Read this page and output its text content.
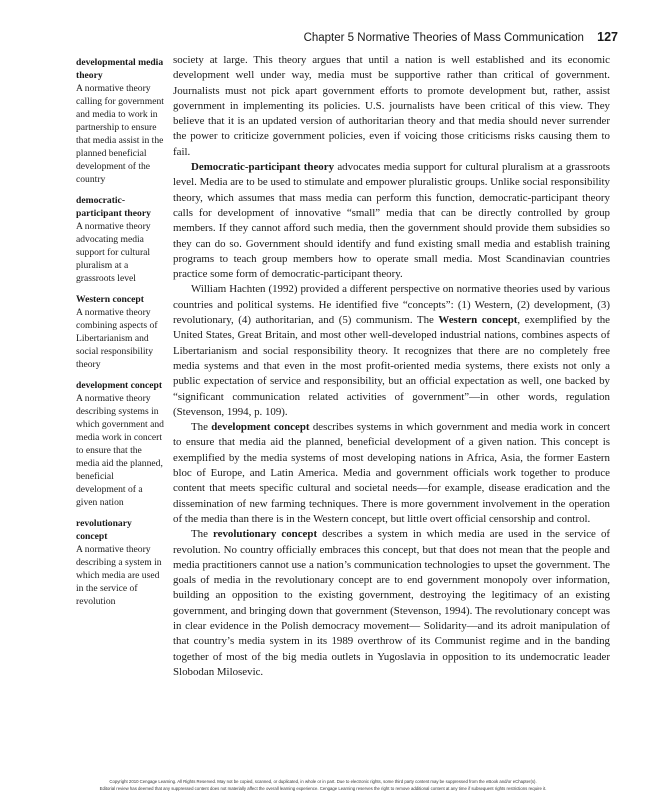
Chapter 5 Normative Theories of Mass Communication 127
developmental media theory
A normative theory calling for government and media to work in partnership to ensure that media assist in the planned beneficial development of the country
democratic-participant theory
A normative theory advocating media support for cultural pluralism at a grassroots level
Western concept
A normative theory combining aspects of Libertarianism and social responsibility theory
development concept
A normative theory describing systems in which government and media work in concert to ensure that the media aid the planned, beneficial development of a given nation
revolutionary concept
A normative theory describing a system in which media are used in the service of revolution

society at large. This theory argues that until a nation is well established and its economic development well under way, media must be supportive rather than critical of government. Journalists must not pick apart government efforts to promote development but, rather, assist government in implementing its policies. U.S. journalists have been critical of this view. They believe that it is an updated version of authoritarian theory and that media should never surrender the power to criticize government policies, even if voicing those criticisms risks causing them to fail.

Democratic-participant theory advocates media support for cultural pluralism at a grassroots level. Media are to be used to stimulate and empower pluralistic groups. Unlike social responsibility theory, which assumes that mass media can perform this function, democratic-participant theory calls for development of innovative “small” media that can be directly controlled by group members. If they cannot afford such media, then the government should provide them subsidies so they can do so. Government should identify and fund existing small media and establish training programs to teach group members how to operate small media. Most Scandinavian countries practice some form of democratic-participant theory.

William Hachten (1992) provided a different perspective on normative theories used by various countries and political systems. He identified five “concepts”: (1) Western, (2) development, (3) revolutionary, (4) authoritarian, and (5) communism. The Western concept, exemplified by the United States, Great Britain, and most other well-developed industrial nations, combines aspects of Libertarianism and social responsibility theory. It recognizes that there are no completely free media systems and that even in the most profit-oriented media systems, there exists not only a public expectation of service and responsibility, but an official expectation as well, one backed by “significant communication related activities of government”—in other words, regulation (Stevenson, 1994, p. 109).

The development concept describes systems in which government and media work in concert to ensure that media aid the planned, beneficial development of a given nation. This concept is exemplified by the media systems of most developing nations in Africa, Asia, the former Eastern bloc of Europe, and Latin America. Media and government officials work together to produce content that meets specific cultural and societal needs—for example, disease eradication and the dissemination of new farming techniques. There is more government involvement in the operation of the media than there is in the Western concept, but little overt official censorship and control.

The revolutionary concept describes a system in which media are used in the service of revolution. No country officially embraces this concept, but that does not mean that the people and media practitioners cannot use a nation’s communication technologies to upset the government. The goals of media in the revolutionary concept are to end government monopoly over information, building an opposition to the existing government, destroying the legitimacy of an existing government, and bringing down that government (Stevenson, 1994). The revolutionary concept was in clear evidence in the Polish democracy movement— Solidarity—and its adroit manipulation of that country’s media system in its 1989 overthrow of its Communist regime and in the banding together of most of the big media outlets in Yugoslavia in opposition to its undemocratic leader Slobodan Milosevic.

Copyright 2010 Cengage Learning. All Rights Reserved. May not be copied, scanned, or duplicated, in whole or in part. Due to electronic rights, some third party content may be suppressed from the eBook and/or eChapter(s).
Editorial review has deemed that any suppressed content does not materially affect the overall learning experience. Cengage Learning reserves the right to remove additional content at any time if subsequent rights restrictions require it.
